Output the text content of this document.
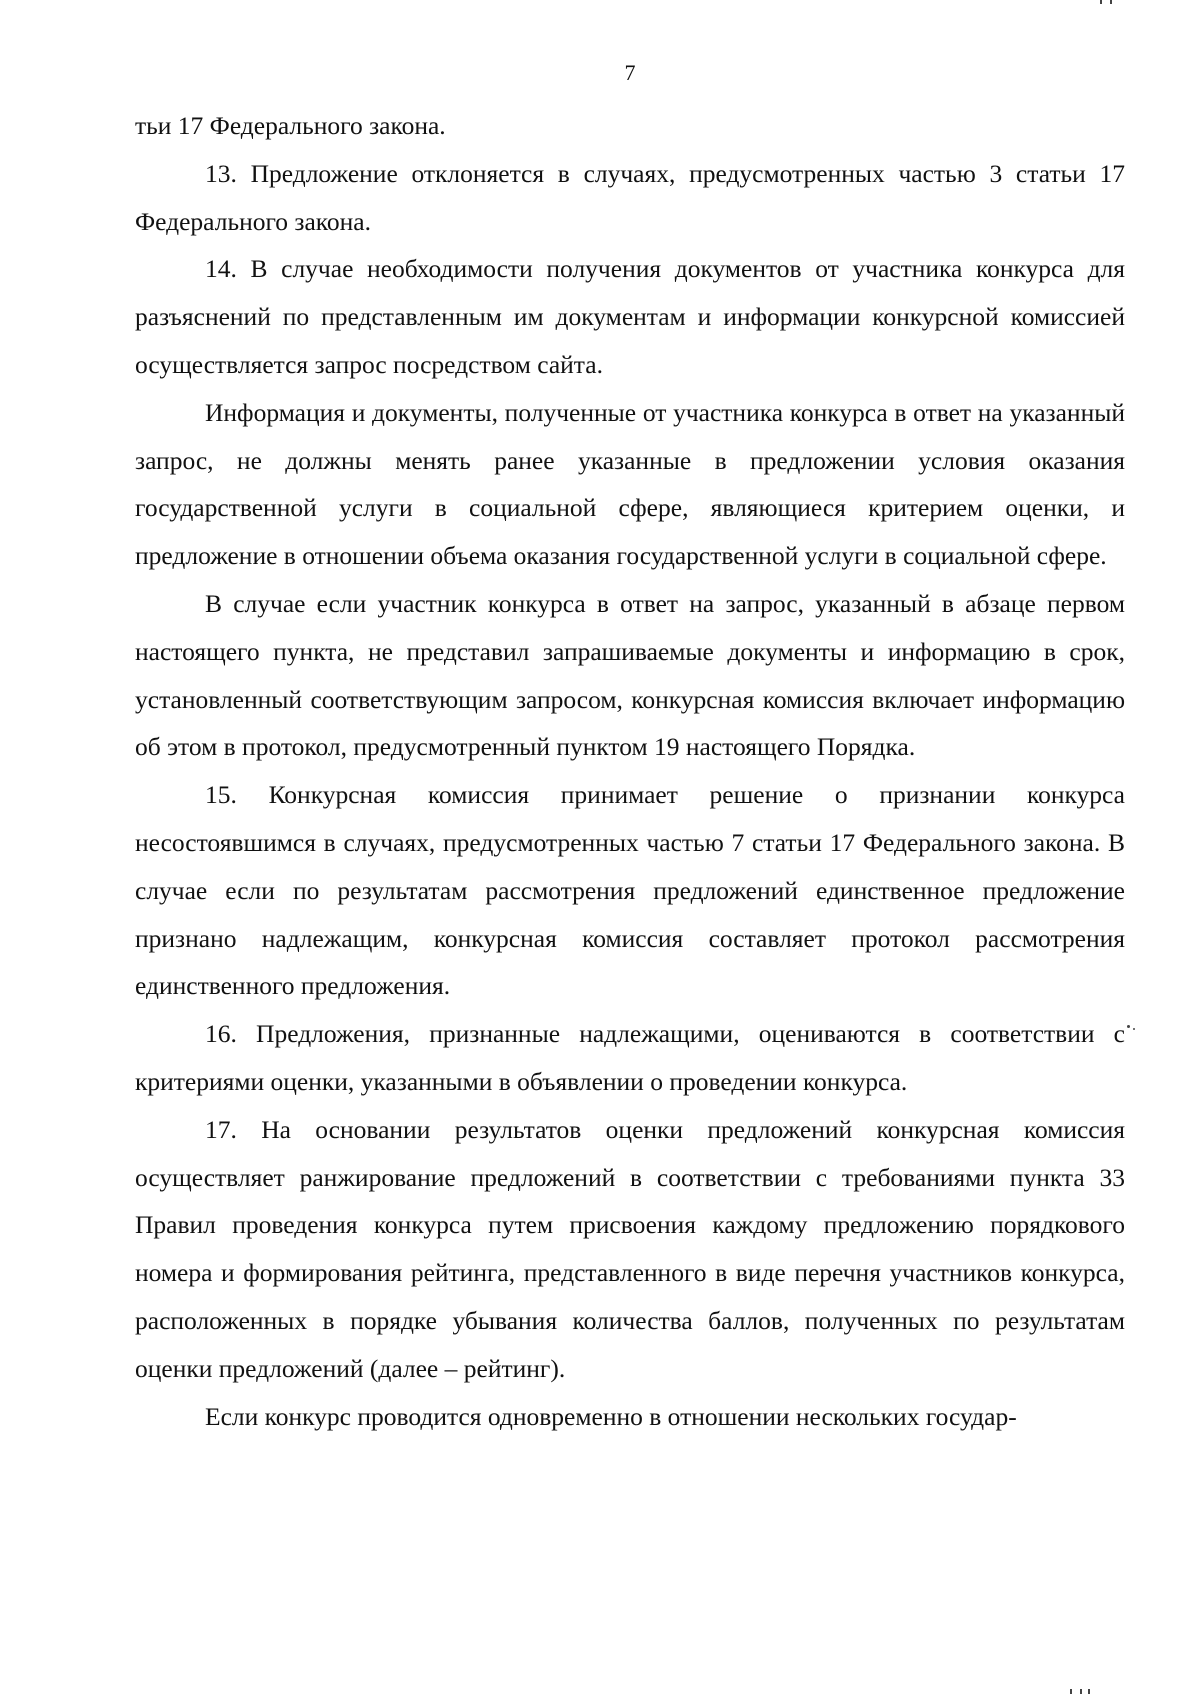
7

тьи 17 Федерального закона.

13. Предложение отклоняется в случаях, предусмотренных частью 3 статьи 17 Федерального закона.

14. В случае необходимости получения документов от участника конкурса для разъяснений по представленным им документам и информации конкурсной комиссией осуществляется запрос посредством сайта.

Информация и документы, полученные от участника конкурса в ответ на указанный запрос, не должны менять ранее указанные в предложении условия оказания государственной услуги в социальной сфере, являющиеся критерием оценки, и предложение в отношении объема оказания государственной услуги в социальной сфере.

В случае если участник конкурса в ответ на запрос, указанный в абзаце первом настоящего пункта, не представил запрашиваемые документы и информацию в срок, установленный соответствующим запросом, конкурсная комиссия включает информацию об этом в протокол, предусмотренный пунктом 19 настоящего Порядка.

15. Конкурсная комиссия принимает решение о признании конкурса несостоявшимся в случаях, предусмотренных частью 7 статьи 17 Федерального закона. В случае если по результатам рассмотрения предложений единственное предложение признано надлежащим, конкурсная комиссия составляет протокол рассмотрения единственного предложения.

16. Предложения, признанные надлежащими, оцениваются в соответствии с критериями оценки, указанными в объявлении о проведении конкурса.

17. На основании результатов оценки предложений конкурсная комиссия осуществляет ранжирование предложений в соответствии с требованиями пункта 33 Правил проведения конкурса путем присвоения каждому предложению порядкового номера и формирования рейтинга, представленного в виде перечня участников конкурса, расположенных в порядке убывания количества баллов, полученных по результатам оценки предложений (далее – рейтинг).

Если конкурс проводится одновременно в отношении нескольких государ-
